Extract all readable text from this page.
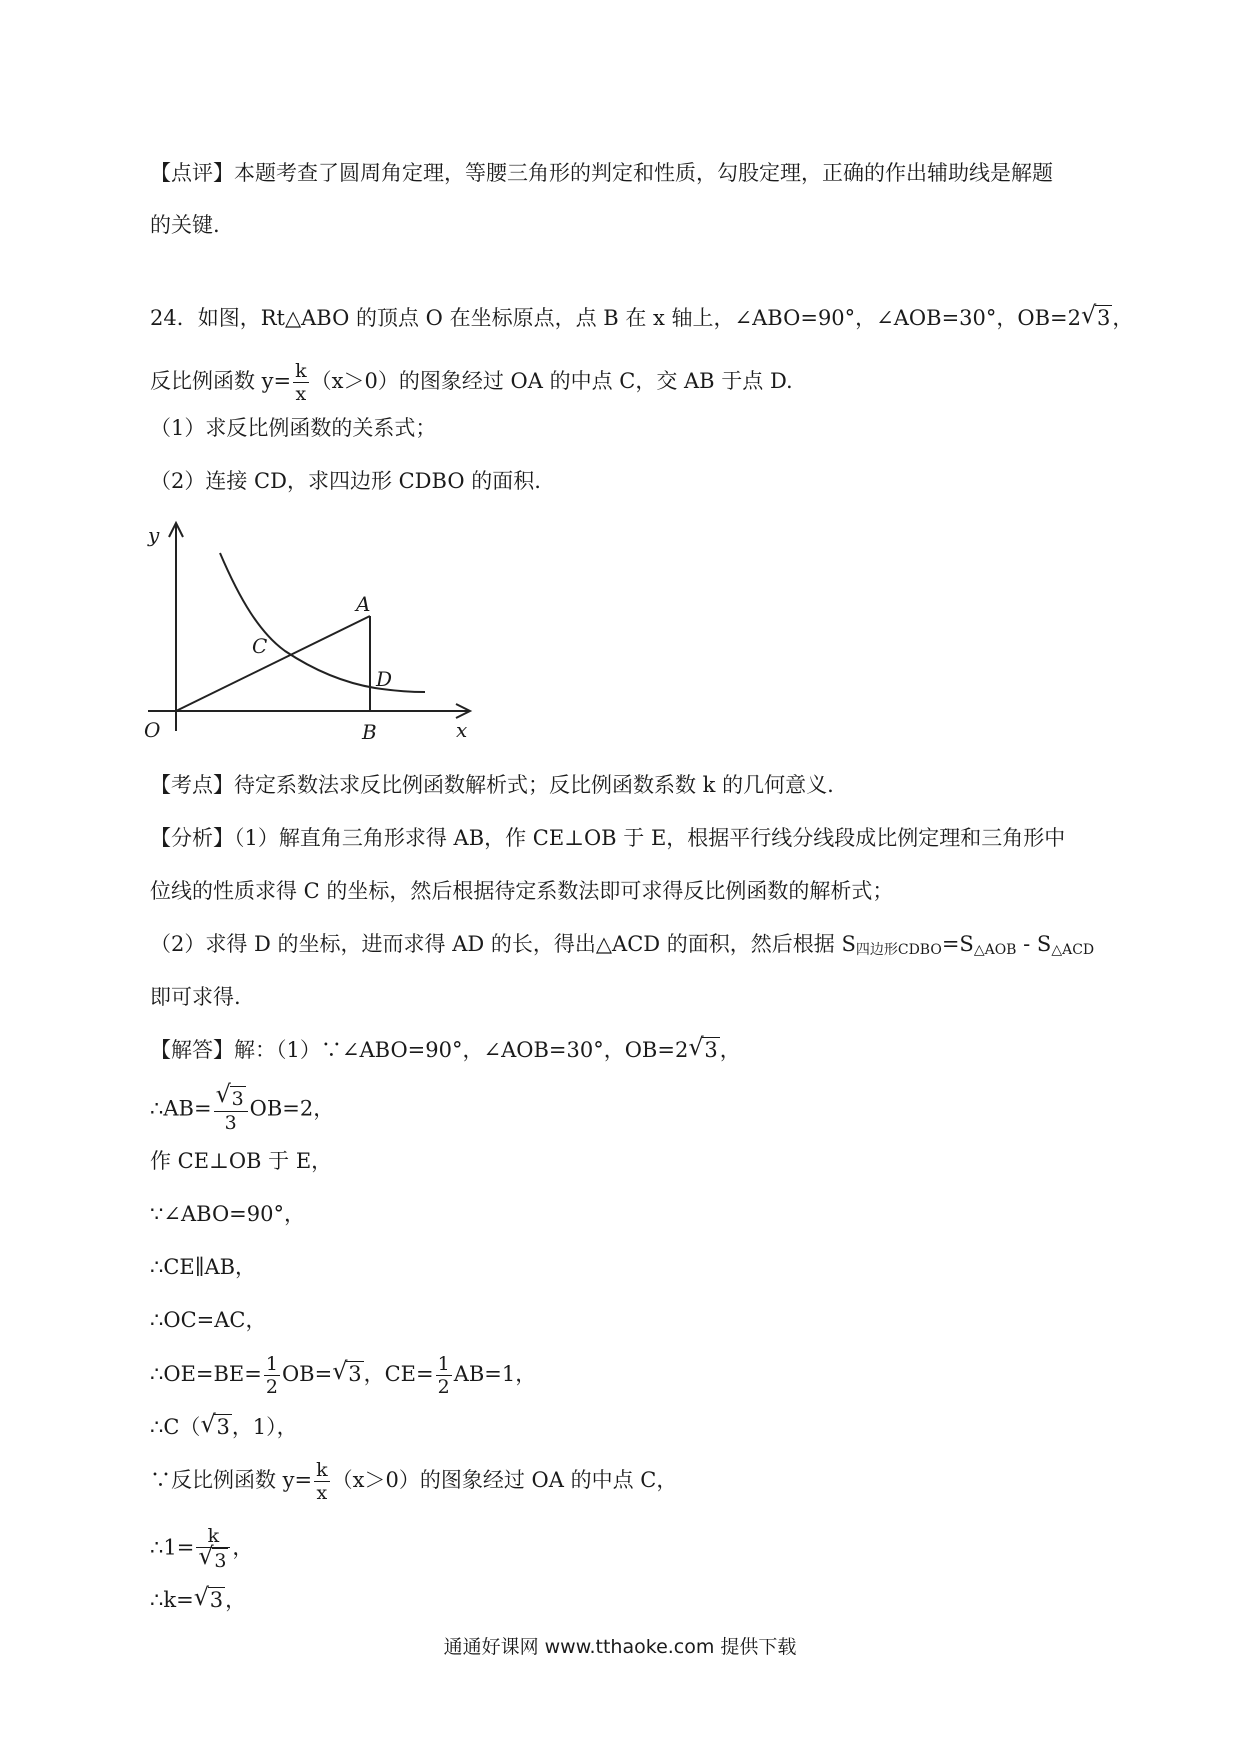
【点评】本题考查了圆周角定理，等腰三角形的判定和性质，勾股定理，正确的作出辅助线是解题
的关键.
24．如图，Rt△ABO 的顶点 O 在坐标原点，点 B 在 x 轴上，∠ABO=90°，∠AOB=30°，OB=2√ 3，
反比例函数 $y= \frac{k}{x} (x>0)$的图象经过 OA 的中点 C，交 AB 于点 D.
（1）求反比例函数的关系式；
（2）连接 CD，求四边形 CDBO 的面积.
y
x
O
A
B
C
D
【考点】待定系数法求反比例函数解析式；反比例函数系数 k 的几何意义.
【分析】（1）解直角三角形求得 AB，作 CE⊥OB 于 E，根据平行线分线段成比例定理和三角形中
位线的性质求得 C 的坐标，然后根据待定系数法即可求得反比例函数的解析式；
（2）求得 D 的坐标，进而求得 AD 的长，得出△ACD 的面积，然后根据 $S_{四边形CDBO}=S_{\triangle AOB} - S_{\triangle ACD}$
即可求得.
【解答】解：（1）∵∠ABO=90°，∠AOB=30°，OB=2√ 3，
∴AB=
√ $\frac{3}{3} OB=2$，
作 CE⊥OB 于 E，
∵∠ABO=90°，
∴CE∥AB，
∴OC=AC，
∴OE=BE= $\frac{1}{2} OB=√$ 3，$CE= \frac{1}{2} AB=1$，
∴C（√ 3，1），
∵反比例函数 $y= \frac{k}{x} (x>0)$的图象经过 OA 的中点 C，
∴1= k
√ 3 ，
∴k=√ 3，
通通好课网 www.tthaoke.com 提供下载
